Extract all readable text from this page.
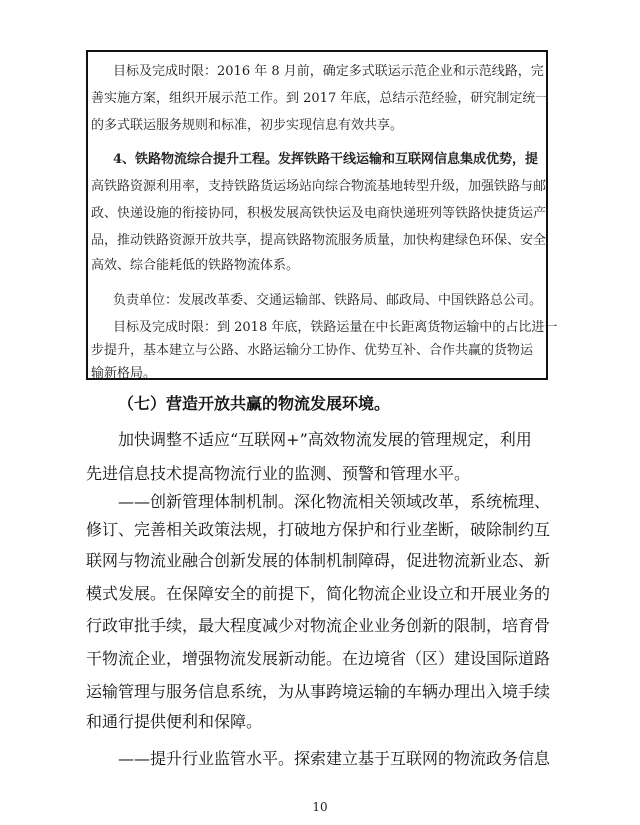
目标及完成时限：2016 年 8 月前，确定多式联运示范企业和示范线路，完
善实施方案，组织开展示范工作。到 2017 年底，总结示范经验，研究制定统一
的多式联运服务规则和标准，初步实现信息有效共享。
4、铁路物流综合提升工程。发挥铁路干线运输和互联网信息集成优势，提
高铁路资源利用率，支持铁路货运场站向综合物流基地转型升级，加强铁路与邮
政、快递设施的衔接协同，积极发展高铁快运及电商快递班列等铁路快捷货运产
品，推动铁路资源开放共享，提高铁路物流服务质量，加快构建绿色环保、安全
高效、综合能耗低的铁路物流体系。
负责单位：发展改革委、交通运输部、铁路局、邮政局、中国铁路总公司。
目标及完成时限：到 2018 年底，铁路运量在中长距离货物运输中的占比进一
步提升，基本建立与公路、水路运输分工协作、优势互补、合作共赢的货物运
输新格局。
（七）营造开放共赢的物流发展环境。
加快调整不适应“互联网+”高效物流发展的管理规定，利用
先进信息技术提高物流行业的监测、预警和管理水平。
——创新管理体制机制。深化物流相关领域改革，系统梳理、
修订、完善相关政策法规，打破地方保护和行业垄断，破除制约互
联网与物流业融合创新发展的体制机制障碍，促进物流新业态、新
模式发展。在保障安全的前提下，简化物流企业设立和开展业务的
行政审批手续，最大程度减少对物流企业业务创新的限制，培育骨
干物流企业，增强物流发展新动能。在边境省（区）建设国际道路
运输管理与服务信息系统，为从事跨境运输的车辆办理出入境手续
和通行提供便利和保障。
——提升行业监管水平。探索建立基于互联网的物流政务信息
10
